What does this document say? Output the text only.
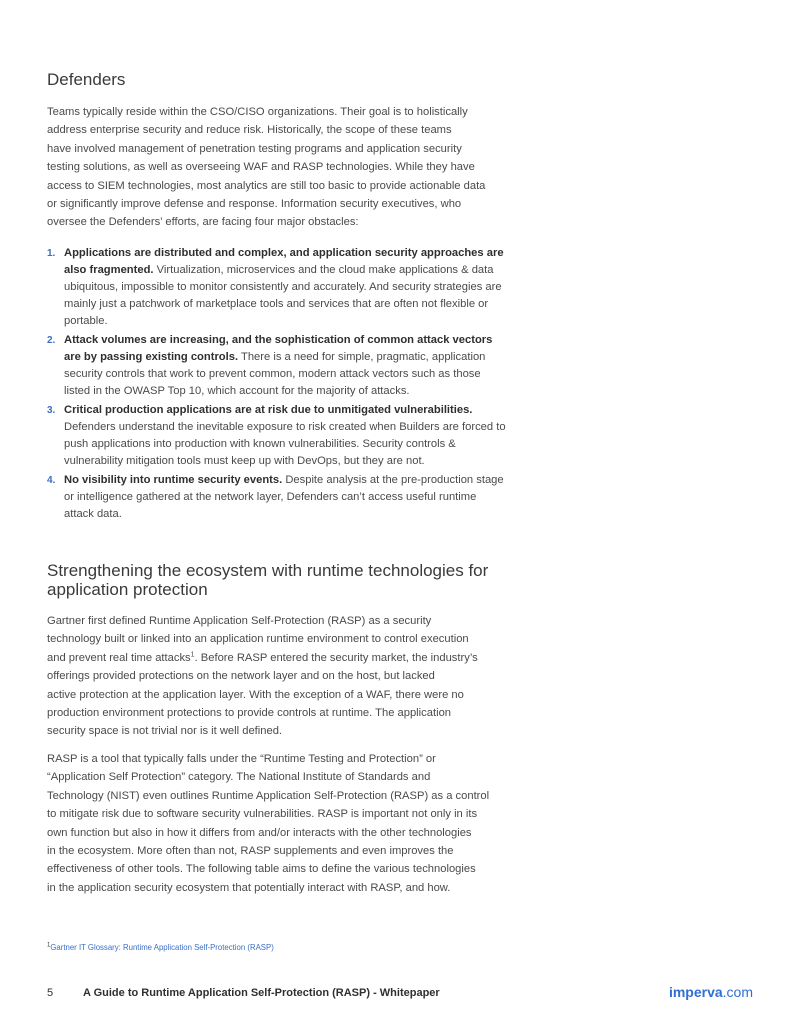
Defenders

Teams typically reside within the CSO/CISO organizations. Their goal is to holistically
address enterprise security and reduce risk. Historically, the scope of these teams
have involved management of penetration testing programs and application security
testing solutions, as well as overseeing WAF and RASP technologies. While they have
access to SIEM technologies, most analytics are still too basic to provide actionable data
or significantly improve defense and response. Information security executives, who
oversee the Defenders’ efforts, are facing four major obstacles:

1. Applications are distributed and complex, and application security approaches are also fragmented. Virtualization, microservices and the cloud make applications & data ubiquitous, impossible to monitor consistently and accurately. And security strategies are mainly just a patchwork of marketplace tools and services that are often not flexible or portable.
2. Attack volumes are increasing, and the sophistication of common attack vectors are by passing existing controls. There is a need for simple, pragmatic, application security controls that work to prevent common, modern attack vectors such as those listed in the OWASP Top 10, which account for the majority of attacks.
3. Critical production applications are at risk due to unmitigated vulnerabilities. Defenders understand the inevitable exposure to risk created when Builders are forced to push applications into production with known vulnerabilities. Security controls & vulnerability mitigation tools must keep up with DevOps, but they are not.
4. No visibility into runtime security events. Despite analysis at the pre-production stage or intelligence gathered at the network layer, Defenders can’t access useful runtime attack data.
Strengthening the ecosystem with runtime technologies for application protection

Gartner first defined Runtime Application Self-Protection (RASP) as a security
technology built or linked into an application runtime environment to control execution
and prevent real time attacks$^1$. Before RASP entered the security market, the industry’s
offerings provided protections on the network layer and on the host, but lacked
active protection at the application layer. With the exception of a WAF, there were no
production environment protections to provide controls at runtime. The application
security space is not trivial nor is it well defined.

RASP is a tool that typically falls under the “Runtime Testing and Protection” or
“Application Self Protection” category. The National Institute of Standards and
Technology (NIST) even outlines Runtime Application Self-Protection (RASP) as a control
to mitigate risk due to software security vulnerabilities. RASP is important not only in its
own function but also in how it differs from and/or interacts with the other technologies
in the ecosystem. More often than not, RASP supplements and even improves the
effectiveness of other tools. The following table aims to define the various technologies
in the application security ecosystem that potentially interact with RASP, and how.

$^1$Gartner IT Glossary: Runtime Application Self-Protection (RASP)
5	A Guide to Runtime Application Self-Protection (RASP) - Whitepaper	imperva.com
